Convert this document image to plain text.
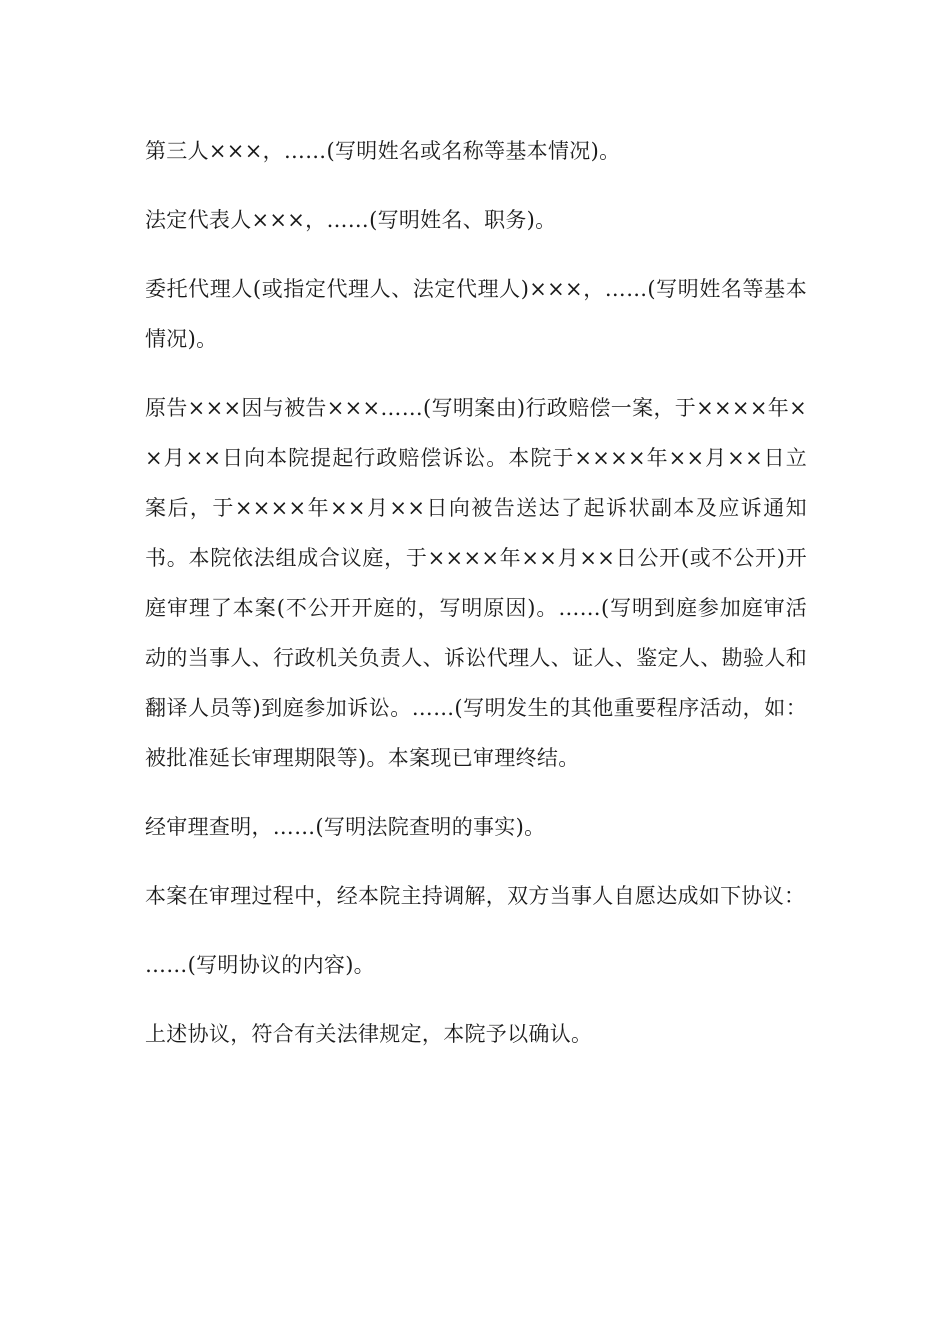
第三人×××，……(写明姓名或名称等基本情况)。

法定代表人×××，……(写明姓名、职务)。

委托代理人(或指定代理人、法定代理人)×××，……(写明姓名等基本情况)。

原告×××因与被告×××……(写明案由)行政赔偿一案，于××××年××月××日向本院提起行政赔偿诉讼。本院于××××年××月××日立案后，于××××年××月××日向被告送达了起诉状副本及应诉通知书。本院依法组成合议庭，于××××年××月××日公开(或不公开)开庭审理了本案(不公开开庭的，写明原因)。……(写明到庭参加庭审活动的当事人、行政机关负责人、诉讼代理人、证人、鉴定人、勘验人和翻译人员等)到庭参加诉讼。……(写明发生的其他重要程序活动，如：被批准延长审理期限等)。本案现已审理终结。

经审理查明，……(写明法院查明的事实)。

本案在审理过程中，经本院主持调解，双方当事人自愿达成如下协议：

……(写明协议的内容)。

上述协议，符合有关法律规定，本院予以确认。
